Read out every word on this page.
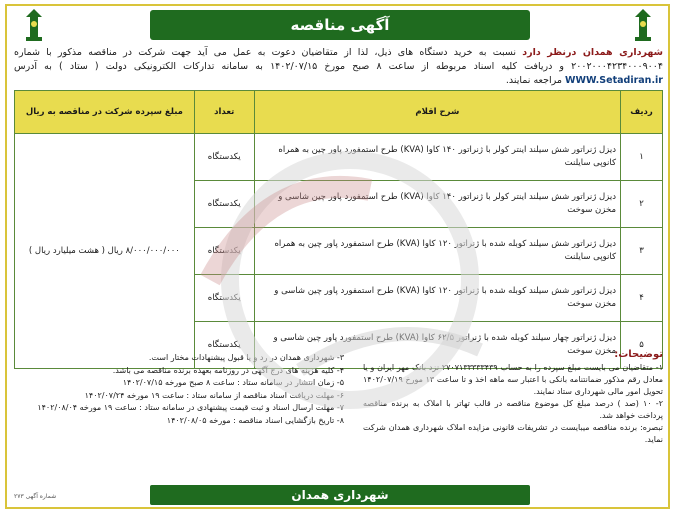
آگهی مناقصه
شهرداری همدان درنظر دارد نسبت به خرید دستگاه های ذیل، لذا از متقاضیان دعوت به عمل می آید جهت شرکت در مناقصه مذکور با شماره ۲۰۰۲۰۰۰۴۲۳۴۰۰۰۹۰۰۴ و دریافت کلیه اسناد مربوطه از ساعت ۸ صبح مورخ ۱۴۰۲/۰۷/۱۵ به سامانه تدارکات الکترونیکی دولت ( ستاد ) به آدرس WWW.Setadiran.ir مراجعه نمایند.
ردیف	شرح اقلام	تعداد	مبلغ سپرده شرکت در مناقصه به ریال
۱	دیزل ژنراتور شش سیلند اینتر کولر با ژنراتور ۱۴۰ کاوا (KVA) طرح استمفورد پاور چین به همراه کانوپی سایلنت	یکدستگاه	۸/۰۰۰/۰۰۰/۰۰۰ ریال ( هشت میلیارد ریال )
۲	دیزل ژنراتور شش سیلند اینتر کولر با ژنراتور ۱۴۰ کاوا (KVA) طرح استمفورد پاور چین شاسی و مخزن سوخت	یکدستگاه	
۳	دیزل ژنراتور شش سیلند کوبله شده با ژنراتور ۱۲۰ کاوا (KVA) طرح استمفورد پاور چین به همراه کانوپی سایلنت	یکدستگاه	
۴	دیزل ژنراتور شش سیلند کوبله شده با ژنراتور ۱۲۰ کاوا (KVA) طرح استمفورد پاور چین شاسی و مخزن سوخت	یکدستگاه	
۵	دیزل ژنراتور چهار سیلند کوبله شده با ژنراتور ۶۲/۵ کاوا (KVA) طرح استمفورد پاور چین شاسی و مخزن سوخت	یکدستگاه	
توضیحات:

۱- متقاضیان می بایست مبلغ سپرده را به حساب ۲۷۰۷۱۳۳۳۳۳۴۳۹ نزد بانک مهر ایران و یا معادل رقم مذکور ضمانتنامه بانکی با اعتبار سه ماهه اخذ و تا ساعت ۱۳ مورخ ۱۴۰۲/۰۷/۱۹ تحویل امور مالی شهرداری ستاد نمایند.

۲- ۱۰ (صد ) درصد مبلغ کل موضوع مناقصه در قالب تهاتر با املاک به برنده مناقصه پرداخت خواهد شد.

تبصره: برنده مناقصه میبایست در تشریفات قانونی مزایده املاک شهرداری همدان شرکت نماید.

۳- شهرداری همدان در رد و یا قبول پیشنهادات مختار است.

۴- کلیه هزینه های درج آگهی در روزنامه بعهده برنده مناقصه می باشد.

۵- زمان انتشار در سامانه ستاد : ساعت ۸ صبح مورخه ۱۴۰۲/۰۷/۱۵

۶- مهلت دریافت اسناد مناقصه از سامانه ستاد : ساعت ۱۹ مورخه ۱۴۰۲/۰۷/۲۴

۷- مهلت ارسال اسناد و ثبت قیمت پیشنهادی در سامانه ستاد : ساعت ۱۹ مورخه ۱۴۰۲/۰۸/۰۴

۸- تاریخ بازگشایی اسناد مناقصه : مورخه ۱۴۰۲/۰۸/۰۵

شهرداری همدان
شماره آگهی ۲۷۳
